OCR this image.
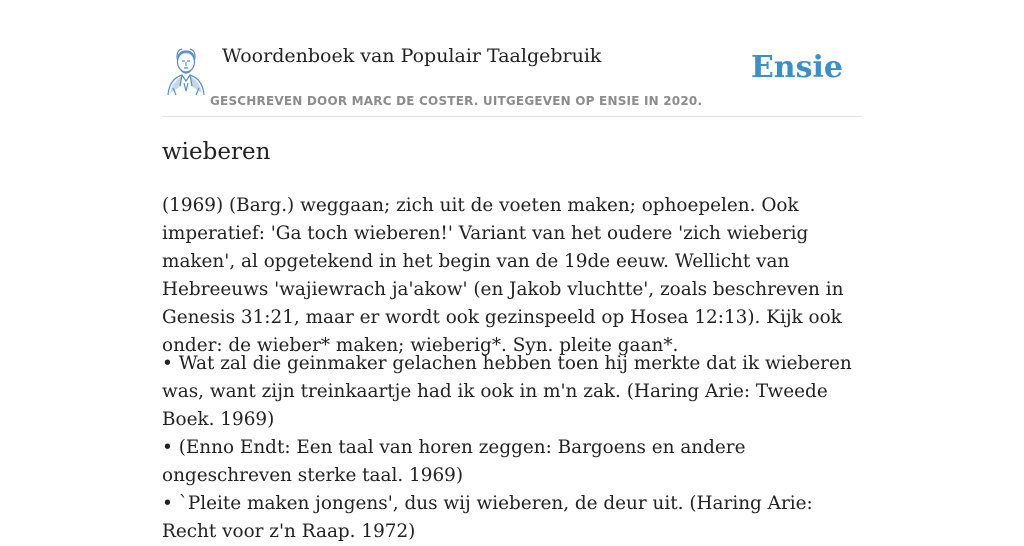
Woordenboek van Populair Taalgebruik
GESCHREVEN DOOR MARC DE COSTER. UITGEGEVEN OP ENSIE IN 2020.
Ensie
wieberen

(1969) (Barg.) weggaan; zich uit de voeten maken; ophoepelen. Ook imperatief: 'Ga toch wieberen!' Variant van het oudere 'zich wieberig maken', al opgetekend in het begin van de 19de eeuw. Wellicht van Hebreeuws 'wajiewrach ja'akow' (en Jakob vluchtte', zoals beschreven in Genesis 31:21, maar er wordt ook gezinspeeld op Hosea 12:13). Kijk ook onder: de wieber* maken; wieberig*. Syn. pleite gaan*.

• Wat zal die geinmaker gelachen hebben toen hij merkte dat ik wieberen was, want zijn treinkaartje had ik ook in m'n zak. (Haring Arie: Tweede Boek. 1969)
• (Enno Endt: Een taal van horen zeggen: Bargoens en andere ongeschreven sterke taal. 1969)
• `Pleite maken jongens', dus wij wieberen, de deur uit. (Haring Arie: Recht voor z'n Raap. 1972)
